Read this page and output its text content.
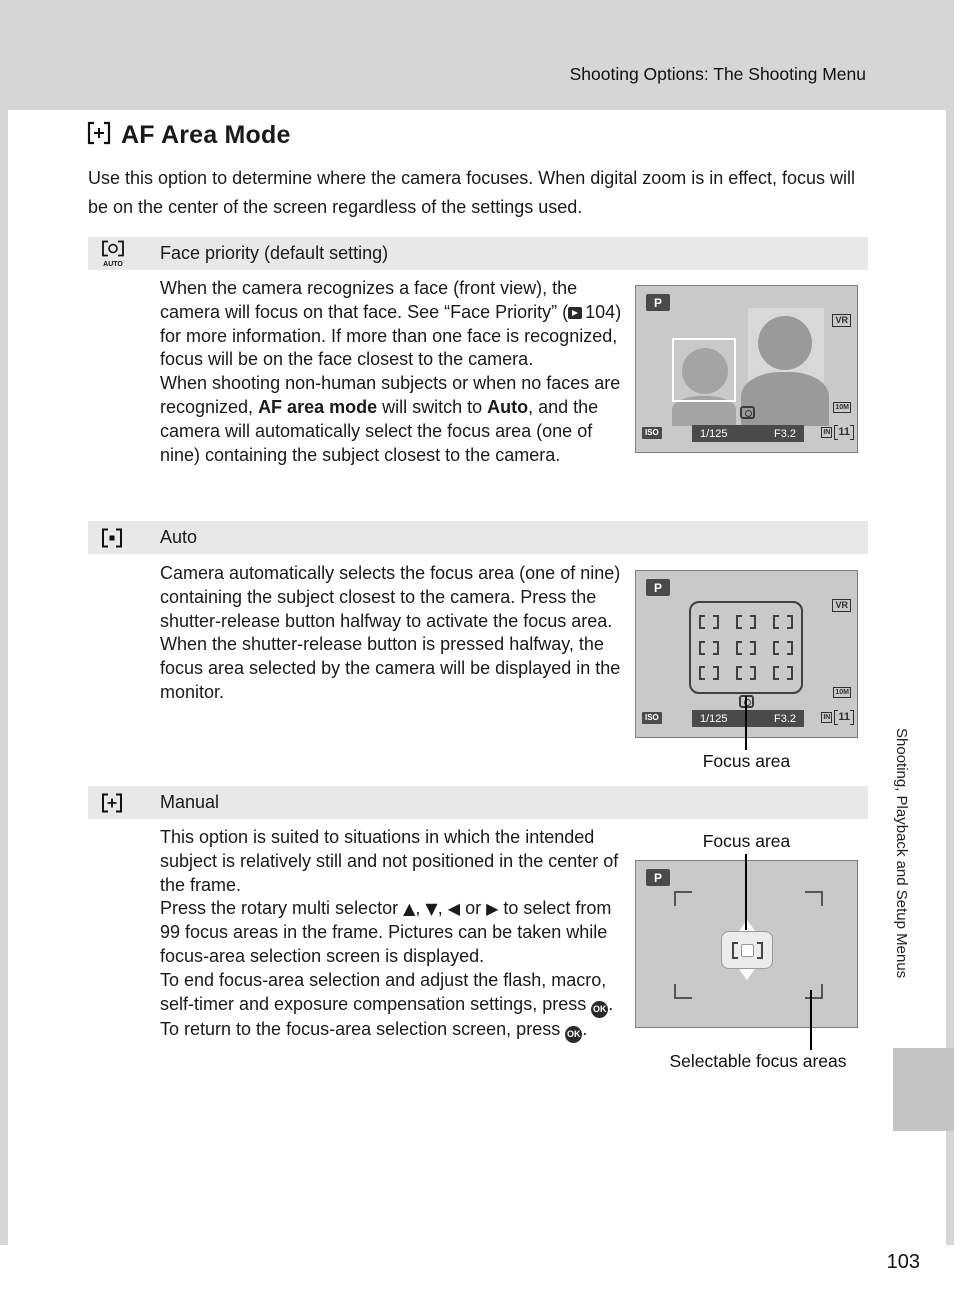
Shooting Options: The Shooting Menu
Shooting, Playback and Setup Menus
103
AF Area Mode
Use this option to determine where the camera focuses. When digital zoom is in effect, focus will be on the center of the screen regardless of the settings used.
AUTO
Face priority (default setting)

When the camera recognizes a face (front view), the camera will focus on that face. See “Face Priority” ( 104) for more information. If more than one face is recognized, focus will be on the face closest to the camera.

When shooting non-human subjects or when no faces are recognized, AF area mode will switch to Auto, and the camera will automatically select the focus area (one of nine) containing the subject closest to the camera.

P
VR
ISO	1/125	F3.2
10M
IN 11
Auto

Camera automatically selects the focus area (one of nine) containing the subject closest to the camera. Press the shutter-release button halfway to activate the focus area. When the shutter-release button is pressed halfway, the focus area selected by the camera will be displayed in the monitor.

P
VR
ISO	1/125	F3.2
10M
IN 11
Focus area
Manual

This option is suited to situations in which the intended subject is relatively still and not positioned in the center of the frame.

Press the rotary multi selector ▲, ▼, ◀ or ▶ to select from 99 focus areas in the frame. Pictures can be taken while focus-area selection screen is displayed.

To end focus-area selection and adjust the flash, macro, self-timer and exposure compensation settings, press OK. To return to the focus-area selection screen, press OK.

Focus area
P
Selectable focus areas
